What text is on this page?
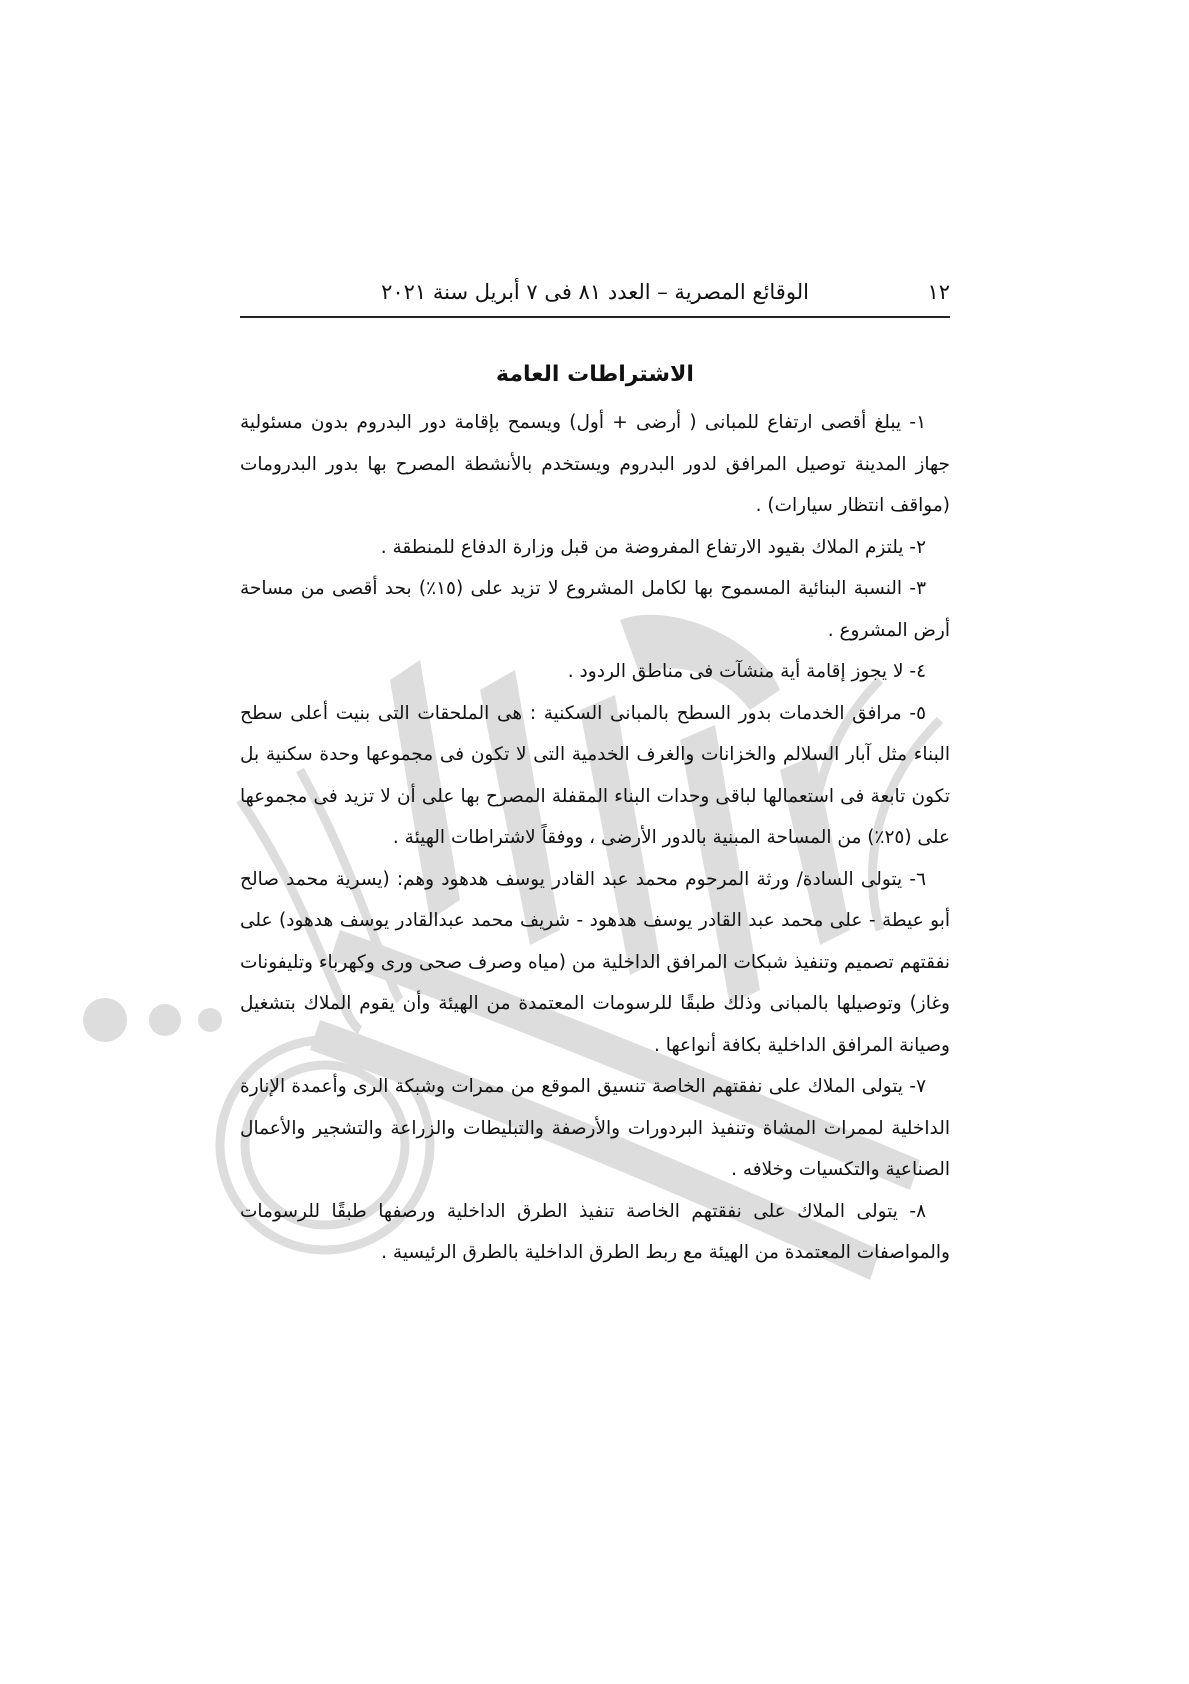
١٢
الوقائع المصرية – العدد ٨١ فى ٧ أبريل سنة ٢٠٢١
الاشتراطات العامة

١- يبلغ أقصى ارتفاع للمبانى ( أرضى + أول) ويسمح بإقامة دور البدروم بدون مسئولية جهاز المدينة توصيل المرافق لدور البدروم ويستخدم بالأنشطة المصرح بها بدور البدرومات (مواقف انتظار سيارات) .

٢- يلتزم الملاك بقيود الارتفاع المفروضة من قبل وزارة الدفاع للمنطقة .

٣- النسبة البنائية المسموح بها لكامل المشروع لا تزيد على (١٥٪) بحد أقصى من مساحة أرض المشروع .

٤- لا يجوز إقامة أية منشآت فى مناطق الردود .

٥- مرافق الخدمات بدور السطح بالمبانى السكنية : هى الملحقات التى بنيت أعلى سطح البناء مثل آبار السلالم والخزانات والغرف الخدمية التى لا تكون فى مجموعها وحدة سكنية بل تكون تابعة فى استعمالها لباقى وحدات البناء المقفلة المصرح بها على أن لا تزيد فى مجموعها على (٢٥٪) من المساحة المبنية بالدور الأرضى ، ووفقاً لاشتراطات الهيئة .

٦- يتولى السادة/ ورثة المرحوم محمد عبد القادر يوسف هدهود وهم: (يسرية محمد صالح أبو عيطة - على محمد عبد القادر يوسف هدهود - شريف محمد عبدالقادر يوسف هدهود) على نفقتهم تصميم وتنفيذ شبكات المرافق الداخلية من (مياه وصرف صحى ورى وكهرباء وتليفونات وغاز) وتوصيلها بالمبانى وذلك طبقًا للرسومات المعتمدة من الهيئة وأن يقوم الملاك بتشغيل وصيانة المرافق الداخلية بكافة أنواعها .

٧- يتولى الملاك على نفقتهم الخاصة تنسيق الموقع من ممرات وشبكة الرى وأعمدة الإنارة الداخلية لممرات المشاة وتنفيذ البردورات والأرصفة والتبليطات والزراعة والتشجير والأعمال الصناعية والتكسيات وخلافه .

٨- يتولى الملاك على نفقتهم الخاصة تنفيذ الطرق الداخلية ورصفها طبقًا للرسومات والمواصفات المعتمدة من الهيئة مع ربط الطرق الداخلية بالطرق الرئيسية .
